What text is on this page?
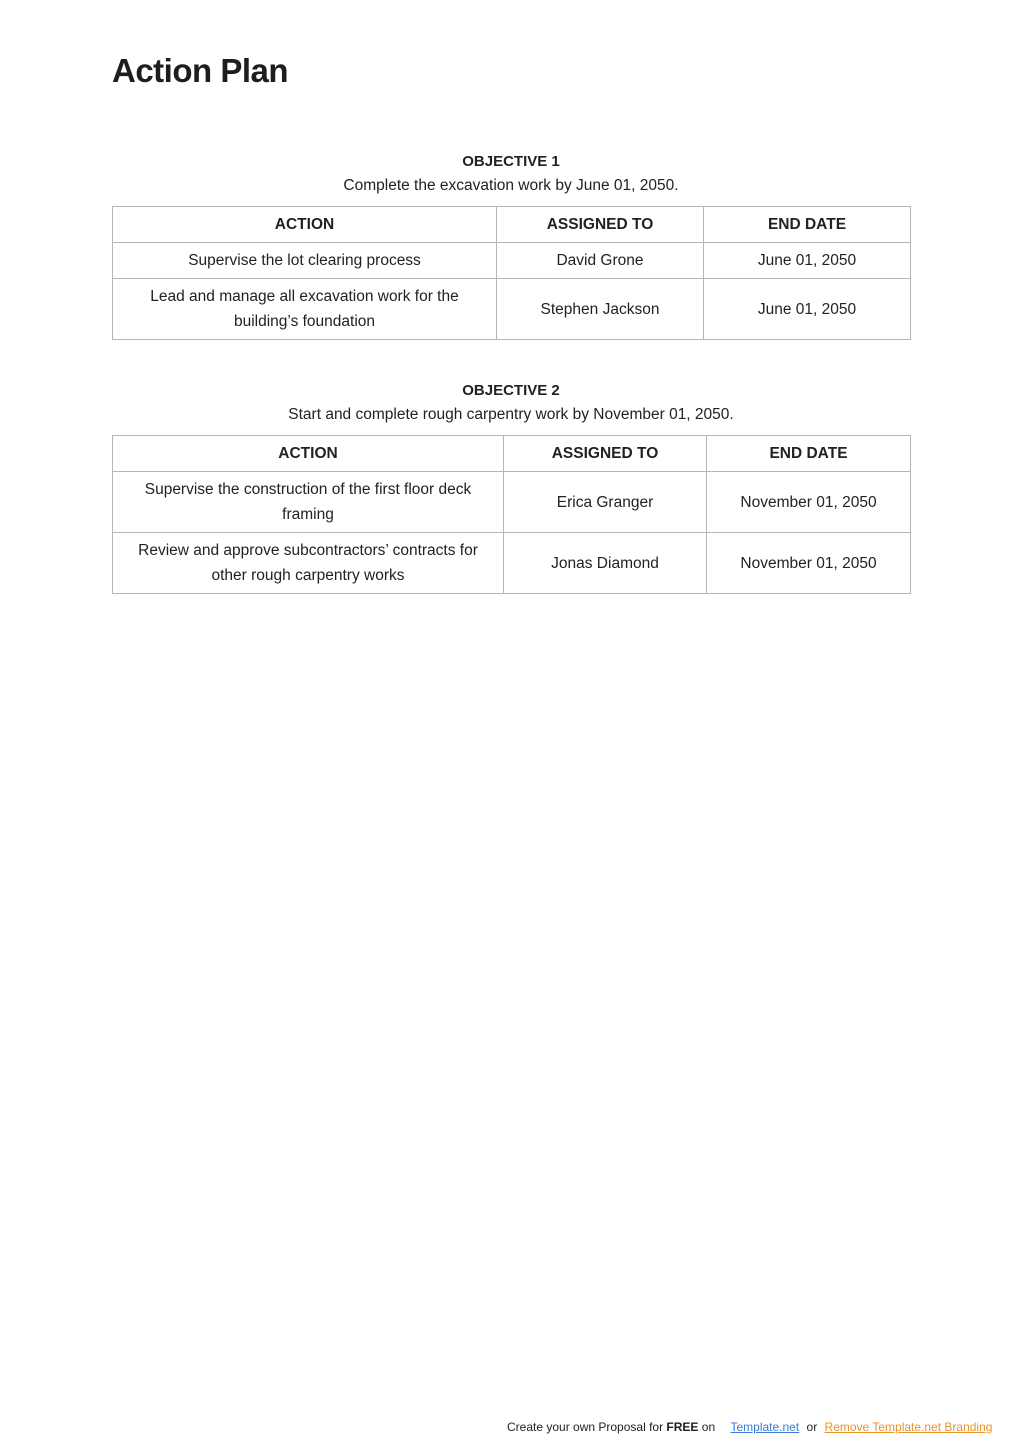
Action Plan
OBJECTIVE 1
Complete the excavation work by June 01, 2050.
ACTION	ASSIGNED TO	END DATE
Supervise the lot clearing process	David Grone	June 01, 2050
Lead and manage all excavation work for the building’s foundation	Stephen Jackson	June 01, 2050
OBJECTIVE 2
Start and complete rough carpentry work by November 01, 2050.
ACTION	ASSIGNED TO	END DATE
Supervise the construction of the first floor deck framing	Erica Granger	November 01, 2050
Review and approve subcontractors’ contracts for other rough carpentry works	Jonas Diamond	November 01, 2050
Create your own Proposal for FREE on Template.net or Remove Template.net Branding
